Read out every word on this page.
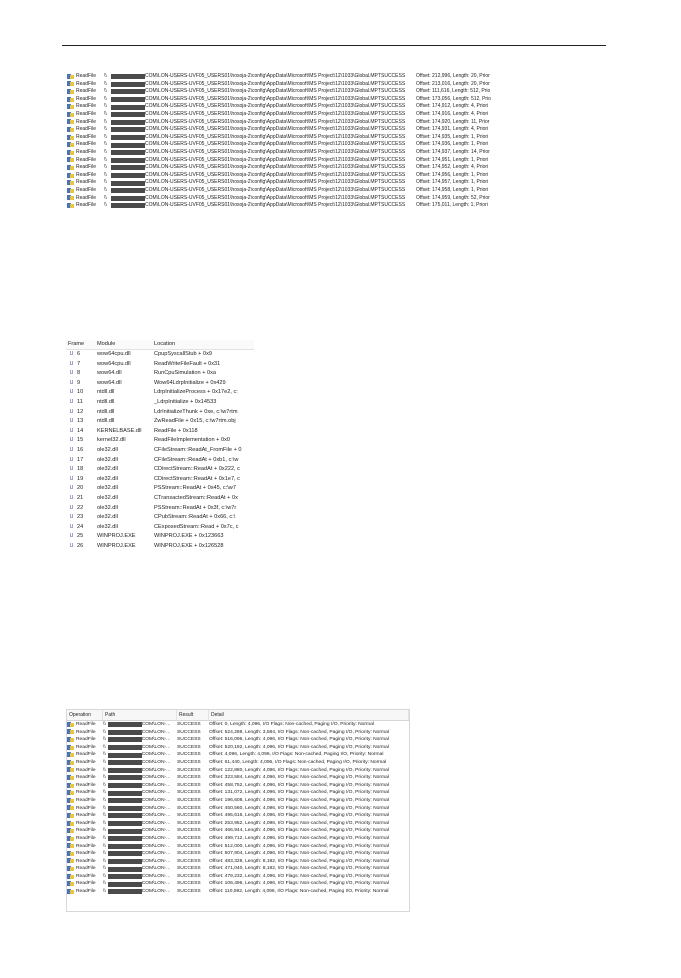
ReadFile	\\	COM\LON-USERS-UVF05_USERS01\hosoja-2\config\AppData\Microsoft\MS Project\12\1033\Global.MPT SUCCESS	Offset: 212,996, Length: 20, Prior
ReadFile	\\	COM\LON-USERS-UVF05_USERS01\hosoja-2\config\AppData\Microsoft\MS Project\12\1033\Global.MPT SUCCESS	Offset: 213,016, Length: 20, Prior
ReadFile	\\	COM\LON-USERS-UVF05_USERS01\hosoja-2\config\AppData\Microsoft\MS Project\12\1033\Global.MPT SUCCESS	Offset: 111,616, Length: 512, Prio
ReadFile	\\	COM\LON-USERS-UVF05_USERS01\hosoja-2\config\AppData\Microsoft\MS Project\12\1033\Global.MPT SUCCESS	Offset: 173,056, Length: 512, Prio
ReadFile	\\	COM\LON-USERS-UVF05_USERS01\hosoja-2\config\AppData\Microsoft\MS Project\12\1033\Global.MPT SUCCESS	Offset: 174,912, Length: 4, Priori
ReadFile	\\	COM\LON-USERS-UVF05_USERS01\hosoja-2\config\AppData\Microsoft\MS Project\12\1033\Global.MPT SUCCESS	Offset: 174,916, Length: 4, Priori
ReadFile	\\	COM\LON-USERS-UVF05_USERS01\hosoja-2\config\AppData\Microsoft\MS Project\12\1033\Global.MPT SUCCESS	Offset: 174,920, Length: 11, Prior
ReadFile	\\	COM\LON-USERS-UVF05_USERS01\hosoja-2\config\AppData\Microsoft\MS Project\12\1033\Global.MPT SUCCESS	Offset: 174,931, Length: 4, Priori
ReadFile	\\	COM\LON-USERS-UVF05_USERS01\hosoja-2\config\AppData\Microsoft\MS Project\12\1033\Global.MPT SUCCESS	Offset: 174,935, Length: 1, Priori
ReadFile	\\	COM\LON-USERS-UVF05_USERS01\hosoja-2\config\AppData\Microsoft\MS Project\12\1033\Global.MPT SUCCESS	Offset: 174,936, Length: 1, Priori
ReadFile	\\	COM\LON-USERS-UVF05_USERS01\hosoja-2\config\AppData\Microsoft\MS Project\12\1033\Global.MPT SUCCESS	Offset: 174,937, Length: 14, Prior
ReadFile	\\	COM\LON-USERS-UVF05_USERS01\hosoja-2\config\AppData\Microsoft\MS Project\12\1033\Global.MPT SUCCESS	Offset: 174,951, Length: 1, Priori
ReadFile	\\	COM\LON-USERS-UVF05_USERS01\hosoja-2\config\AppData\Microsoft\MS Project\12\1033\Global.MPT SUCCESS	Offset: 174,952, Length: 4, Priori
ReadFile	\\	COM\LON-USERS-UVF05_USERS01\hosoja-2\config\AppData\Microsoft\MS Project\12\1033\Global.MPT SUCCESS	Offset: 174,956, Length: 1, Priori
ReadFile	\\	COM\LON-USERS-UVF05_USERS01\hosoja-2\config\AppData\Microsoft\MS Project\12\1033\Global.MPT SUCCESS	Offset: 174,957, Length: 1, Priori
ReadFile	\\	COM\LON-USERS-UVF05_USERS01\hosoja-2\config\AppData\Microsoft\MS Project\12\1033\Global.MPT SUCCESS	Offset: 174,958, Length: 1, Priori
ReadFile	\\	COM\LON-USERS-UVF05_USERS01\hosoja-2\config\AppData\Microsoft\MS Project\12\1033\Global.MPT SUCCESS	Offset: 174,959, Length: 52, Prior
ReadFile	\\	COM\LON-USERS-UVF05_USERS01\hosoja-2\config\AppData\Microsoft\MS Project\12\1033\Global.MPT SUCCESS	Offset: 175,011, Length: 1, Priori
Frame	Module	Location
U 6	wow64cpu.dll	CpupSyscallStub + 0x9
U 7	wow64cpu.dll	ReadWriteFileFault + 0x31
U 8	wow64.dll	RunCpuSimulation + 0xa
U 9	wow64.dll	Wow64LdrpInitialize + 0x429
U 10	ntdll.dll	LdrpInitializeProcess + 0x17e2, c:
U 11	ntdll.dll	_LdrpInitialize + 0x14533
U 12	ntdll.dll	LdrInitializeThunk + 0xe, c:\w7rtm
U 13	ntdll.dll	ZwReadFile + 0x15, c:\w7rtm.obj
U 14	KERNELBASE.dll	ReadFile + 0x118
U 15	kernel32.dll	ReadFileImplementation + 0x0
U 16	ole32.dll	CFileStream::ReadAt_FromFile + 0
U 17	ole32.dll	CFileStream::ReadAt + 0xb1, c:\w
U 18	ole32.dll	CDirectStream::ReadAt + 0x222, c
U 19	ole32.dll	CDirectStream::ReadAt + 0x1e7, c
U 20	ole32.dll	PSStream::ReadAt + 0x45, c:\w7
U 21	ole32.dll	CTransactedStream::ReadAt + 0x
U 22	ole32.dll	PSStream::ReadAt + 0x3f, c:\w7r
U 23	ole32.dll	CPubStream::ReadAt + 0x66, c:\
U 24	ole32.dll	CExposedStream::Read + 0x7c, c
U 25	WINPROJ.EXE	WINPROJ.EXE + 0x123663
U 26	WINPROJ.EXE	WINPROJ.EXE + 0x126528
Operation	Path	Result	Detail
ReadFile \\	COM\LON-... SUCCESS	Offset: 0, Length: 4,096, I/O Flags: Non-cached, Paging I/O, Priority: Normal
ReadFile \\	COM\LON-... SUCCESS	Offset: 524,288, Length: 3,584, I/O Flags: Non-cached, Paging I/O, Priority: Normal
ReadFile \\	COM\LON-... SUCCESS	Offset: 516,096, Length: 4,096, I/O Flags: Non-cached, Paging I/O, Priority: Normal
ReadFile \\	COM\LON-... SUCCESS	Offset: 520,192, Length: 4,096, I/O Flags: Non-cached, Paging I/O, Priority: Normal
ReadFile \\	COM\LON-... SUCCESS	Offset: 4,096, Length: 4,096, I/O Flags: Non-cached, Paging I/O, Priority: Normal
ReadFile \\	COM\LON-... SUCCESS	Offset: 61,440, Length: 4,096, I/O Flags: Non-cached, Paging I/O, Priority: Normal
ReadFile \\	COM\LON-... SUCCESS	Offset: 122,880, Length: 4,096, I/O Flags: Non-cached, Paging I/O, Priority: Normal
ReadFile \\	COM\LON-... SUCCESS	Offset: 323,584, Length: 4,096, I/O Flags: Non-cached, Paging I/O, Priority: Normal
ReadFile \\	COM\LON-... SUCCESS	Offset: 458,752, Length: 4,096, I/O Flags: Non-cached, Paging I/O, Priority: Normal
ReadFile \\	COM\LON-... SUCCESS	Offset: 131,072, Length: 4,096, I/O Flags: Non-cached, Paging I/O, Priority: Normal
ReadFile \\	COM\LON-... SUCCESS	Offset: 196,608, Length: 4,096, I/O Flags: Non-cached, Paging I/O, Priority: Normal
ReadFile \\	COM\LON-... SUCCESS	Offset: 450,560, Length: 4,096, I/O Flags: Non-cached, Paging I/O, Priority: Normal
ReadFile \\	COM\LON-... SUCCESS	Offset: 495,616, Length: 4,096, I/O Flags: Non-cached, Paging I/O, Priority: Normal
ReadFile \\	COM\LON-... SUCCESS	Offset: 253,952, Length: 4,096, I/O Flags: Non-cached, Paging I/O, Priority: Normal
ReadFile \\	COM\LON-... SUCCESS	Offset: 466,944, Length: 4,096, I/O Flags: Non-cached, Paging I/O, Priority: Normal
ReadFile \\	COM\LON-... SUCCESS	Offset: 499,712, Length: 4,096, I/O Flags: Non-cached, Paging I/O, Priority: Normal
ReadFile \\	COM\LON-... SUCCESS	Offset: 512,000, Length: 4,096, I/O Flags: Non-cached, Paging I/O, Priority: Normal
ReadFile \\	COM\LON-... SUCCESS	Offset: 507,904, Length: 4,096, I/O Flags: Non-cached, Paging I/O, Priority: Normal
ReadFile \\	COM\LON-... SUCCESS	Offset: 483,328, Length: 8,192, I/O Flags: Non-cached, Paging I/O, Priority: Normal
ReadFile \\	COM\LON-... SUCCESS	Offset: 471,040, Length: 8,192, I/O Flags: Non-cached, Paging I/O, Priority: Normal
ReadFile \\	COM\LON-... SUCCESS	Offset: 479,232, Length: 4,096, I/O Flags: Non-cached, Paging I/O, Priority: Normal
ReadFile \\	COM\LON-... SUCCESS	Offset: 106,496, Length: 4,096, I/O Flags: Non-cached, Paging I/O, Priority: Normal
ReadFile \\	COM\LON-... SUCCESS	Offset: 110,592, Length: 4,096, I/O Flags: Non-cached, Paging I/O, Priority: Normal
